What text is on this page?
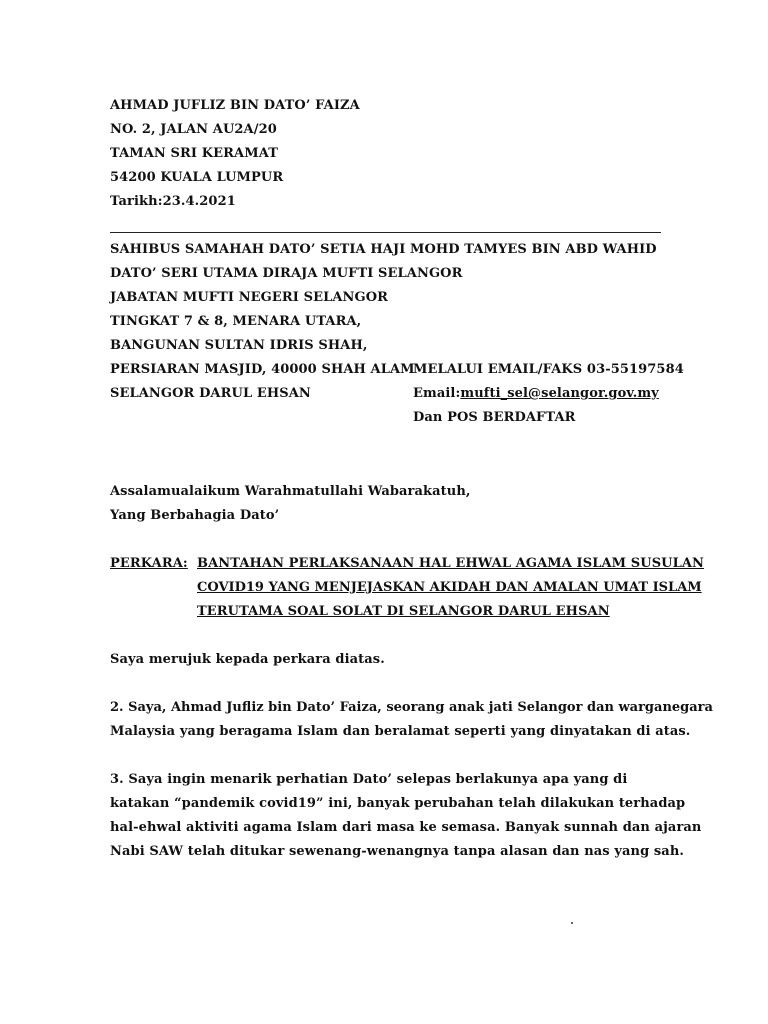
AHMAD JUFLIZ BIN DATO’ FAIZA
NO. 2, JALAN AU2A/20
TAMAN SRI KERAMAT
54200 KUALA LUMPUR
Tarikh:23.4.2021
SAHIBUS SAMAHAH DATO’ SETIA HAJI MOHD TAMYES BIN ABD WAHID
DATO’ SERI UTAMA DIRAJA MUFTI SELANGOR
JABATAN MUFTI NEGERI SELANGOR
TINGKAT 7 & 8, MENARA UTARA,
BANGUNAN SULTAN IDRIS SHAH,
PERSIARAN MASJID, 40000 SHAH ALAM
SELANGOR DARUL EHSAN
MELALUI EMAIL/FAKS 03-55197584
Email:mufti_sel@selangor.gov.my
Dan POS BERDAFTAR
Assalamualaikum Warahmatullahi Wabarakatuh,
Yang Berbahagia Dato’
PERKARA: BANTAHAN PERLAKSANAAN HAL EHWAL AGAMA ISLAM SUSULAN
COVID19 YANG MENJEJASKAN AKIDAH DAN AMALAN UMAT ISLAM
TERUTAMA SOAL SOLAT DI SELANGOR DARUL EHSAN
Saya merujuk kepada perkara diatas.
2. Saya, Ahmad Jufliz bin Dato’ Faiza, seorang anak jati Selangor dan warganegara
Malaysia yang beragama Islam dan beralamat seperti yang dinyatakan di atas.
3. Saya ingin menarik perhatian Dato’ selepas berlakunya apa yang di
katakan “pandemik covid19” ini, banyak perubahan telah dilakukan terhadap
hal-ehwal aktiviti agama Islam dari masa ke semasa. Banyak sunnah dan ajaran
Nabi SAW telah ditukar sewenang-wenangnya tanpa alasan dan nas yang sah.
